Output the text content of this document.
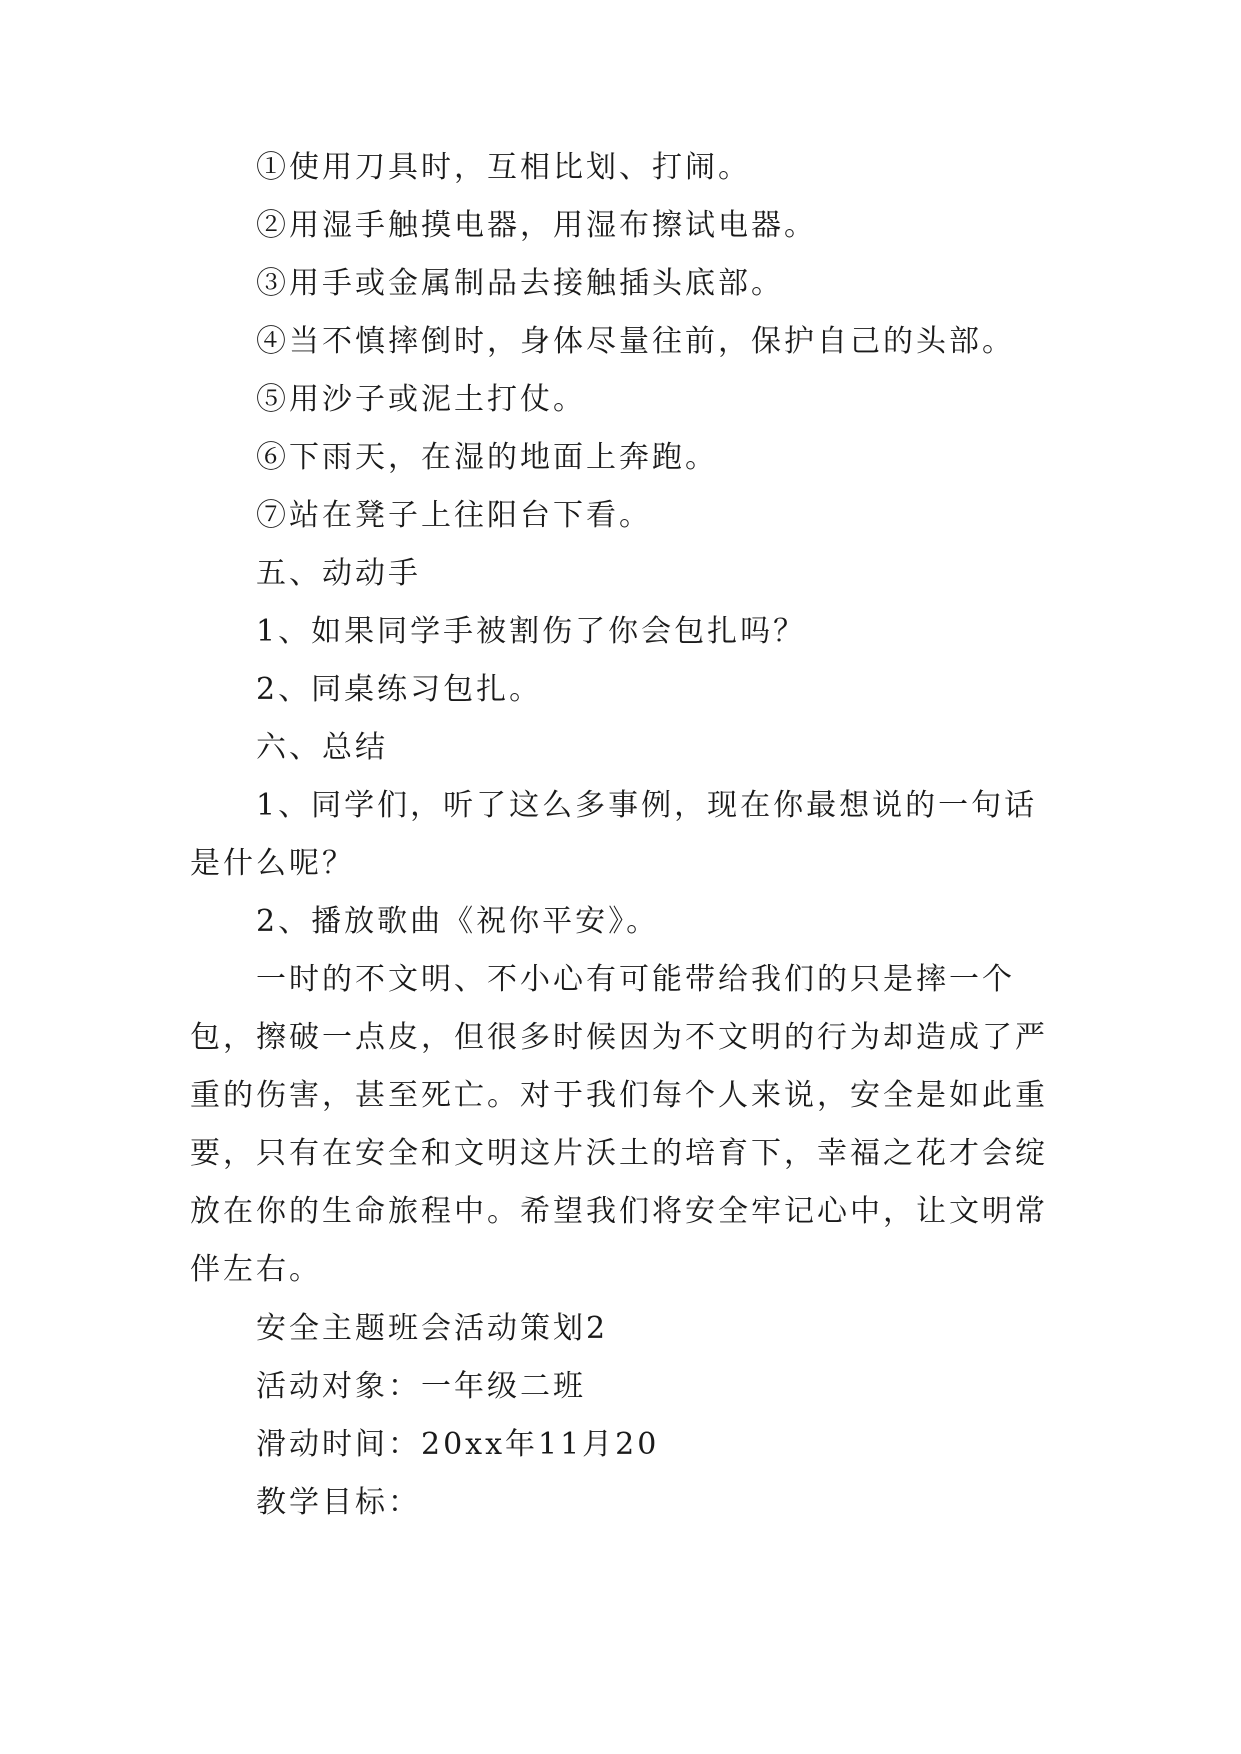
①使用刀具时，互相比划、打闹。

②用湿手触摸电器，用湿布擦试电器。

③用手或金属制品去接触插头底部。

④当不慎摔倒时，身体尽量往前，保护自己的头部。

⑤用沙子或泥土打仗。

⑥下雨天，在湿的地面上奔跑。

⑦站在凳子上往阳台下看。

五、动动手

1、如果同学手被割伤了你会包扎吗？

2、同桌练习包扎。

六、总结

1、同学们，听了这么多事例，现在你最想说的一句话

是什么呢？

2、播放歌曲《祝你平安》。

一时的不文明、不小心有可能带给我们的只是摔一个包，擦破一点皮，但很多时候因为不文明的行为却造成了严重的伤害，甚至死亡。对于我们每个人来说，安全是如此重要，只有在安全和文明这片沃土的培育下，幸福之花才会绽放在你的生命旅程中。希望我们将安全牢记心中，让文明常伴左右。

安全主题班会活动策划2

活动对象：一年级二班

滑动时间：20xx年11月20

教学目标：
